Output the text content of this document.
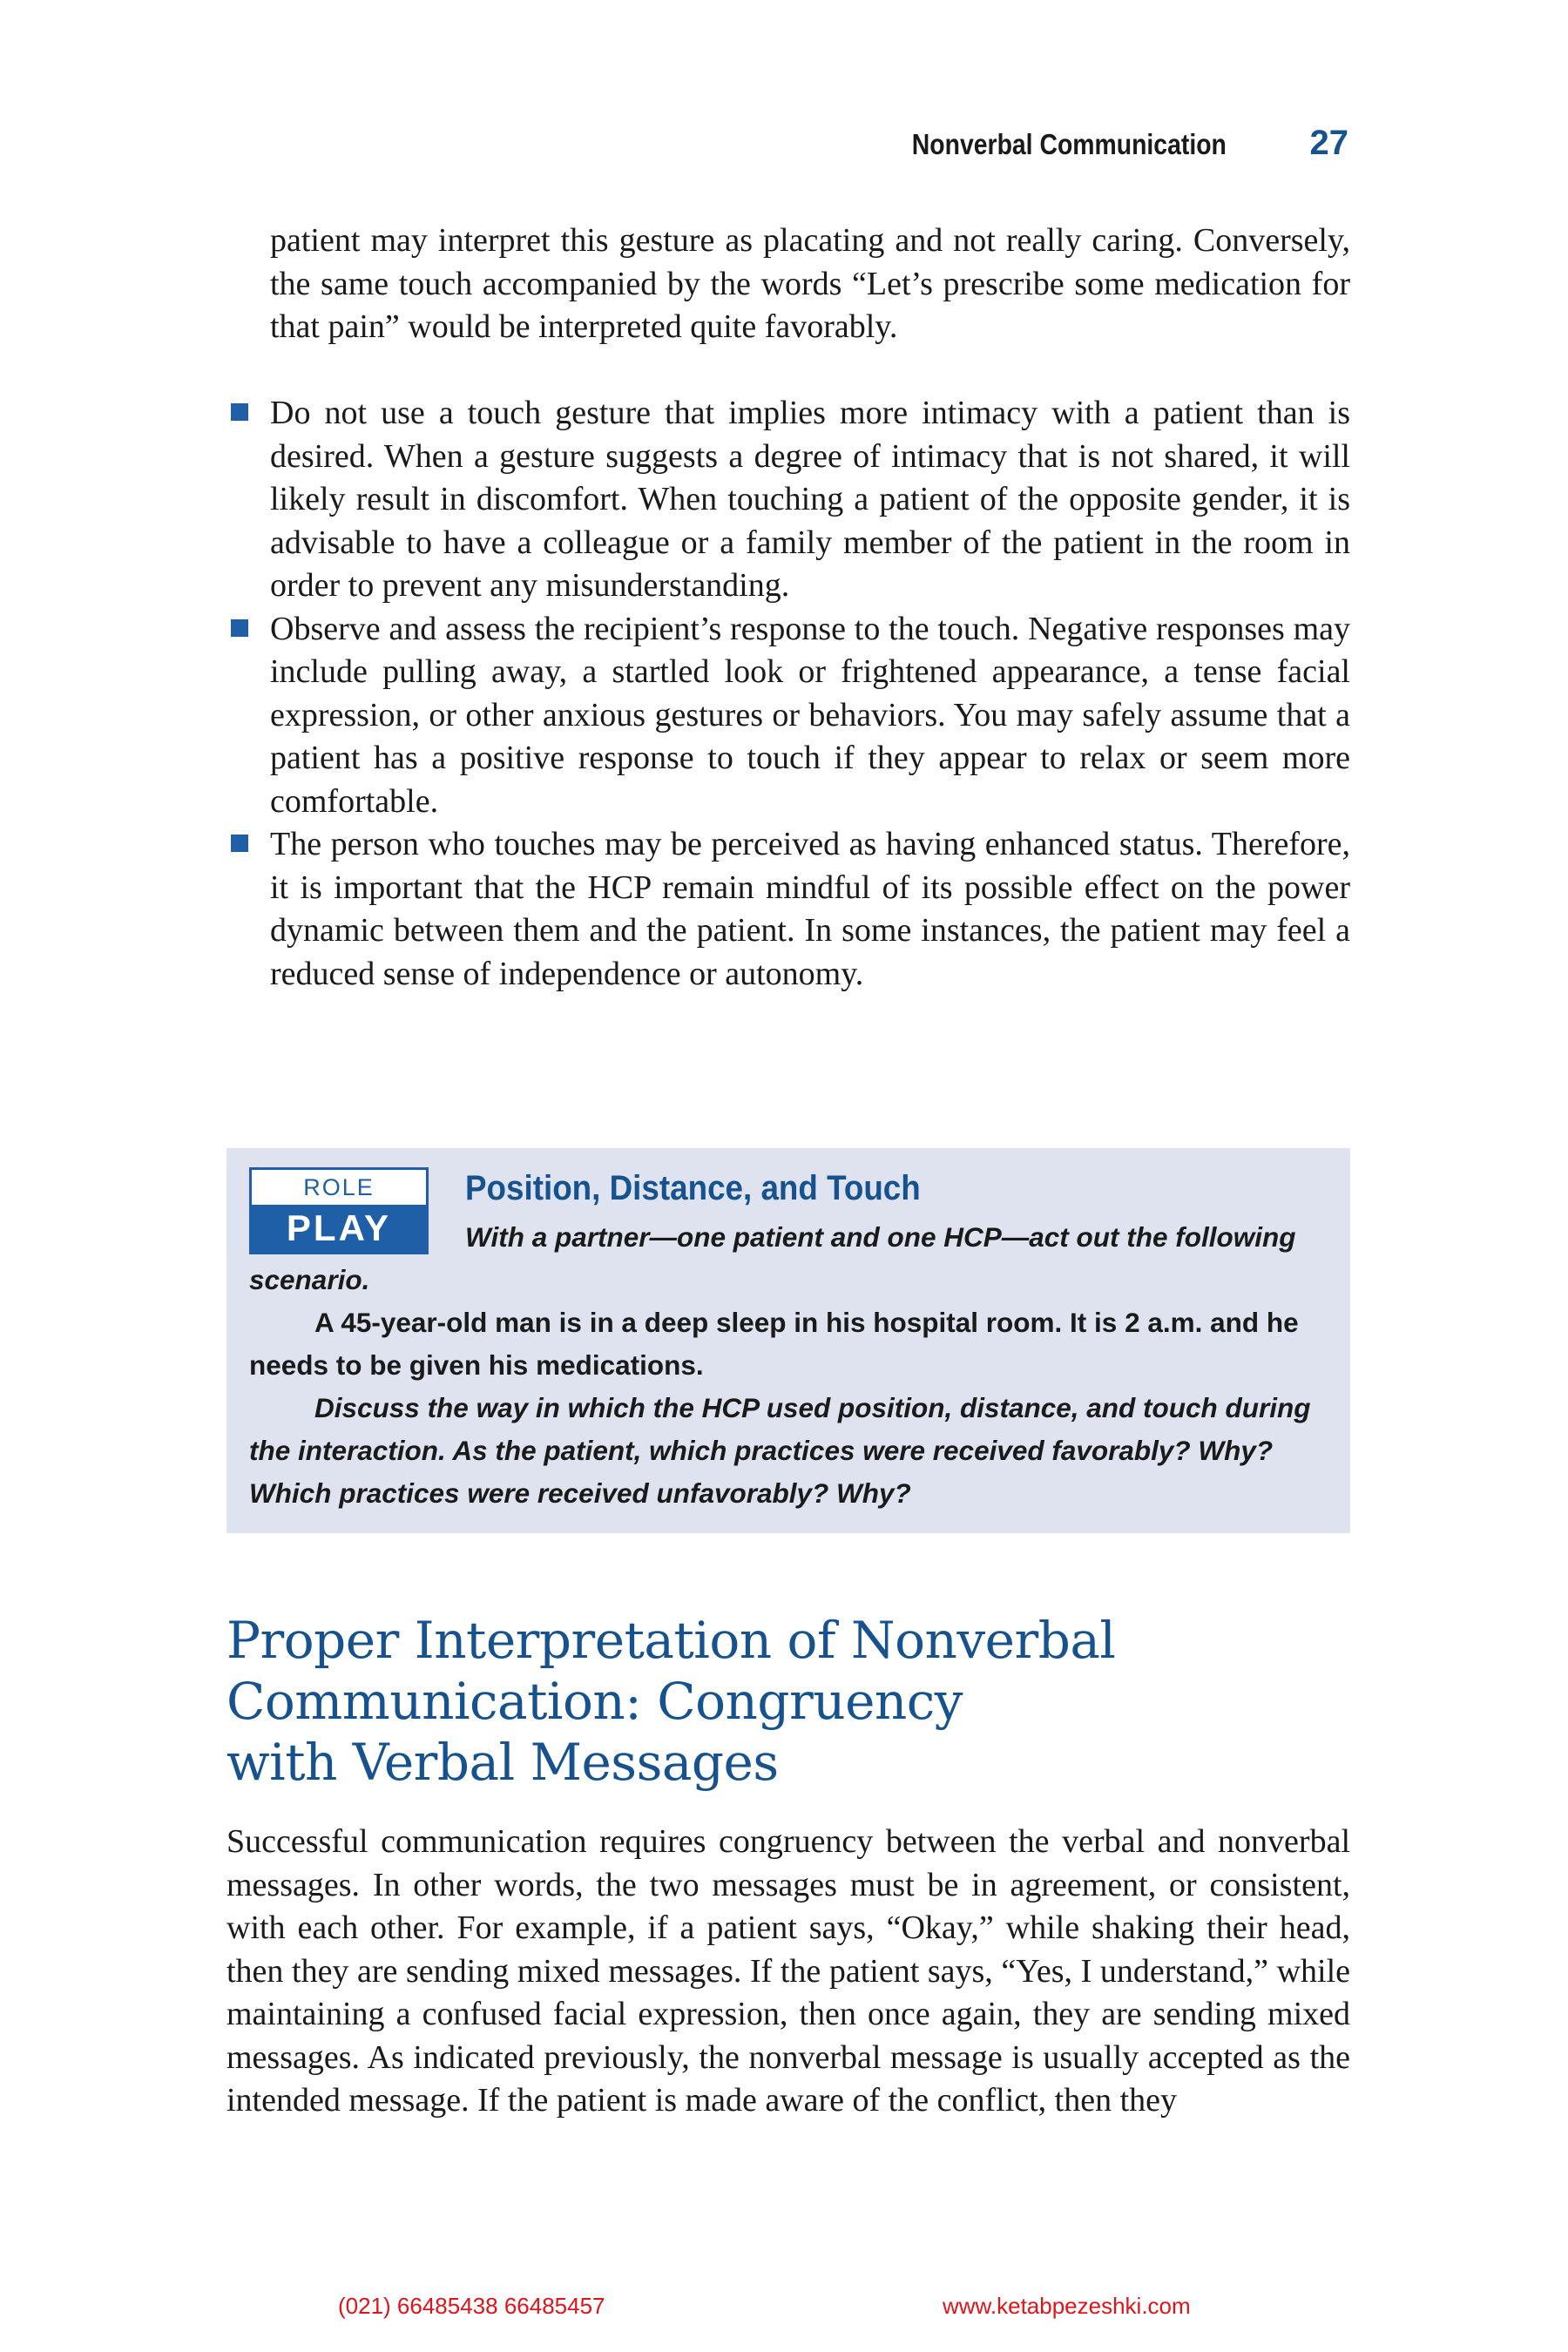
Nonverbal Communication 27

patient may interpret this gesture as placating and not really caring. Conversely, the same touch accompanied by the words “Let’s prescribe some medication for that pain” would be interpreted quite favorably.

Do not use a touch gesture that implies more intimacy with a patient than is desired. When a gesture suggests a degree of intimacy that is not shared, it will likely result in discomfort. When touching a patient of the opposite gender, it is advisable to have a colleague or a family member of the patient in the room in order to prevent any misunderstanding.
Observe and assess the recipient’s response to the touch. Negative responses may include pulling away, a startled look or frightened appearance, a tense facial expression, or other anxious gestures or behaviors. You may safely assume that a patient has a positive response to touch if they appear to relax or seem more comfortable.
The person who touches may be perceived as having enhanced status. Therefore, it is important that the HCP remain mindful of its possible effect on the power dynamic between them and the patient. In some instances, the patient may feel a reduced sense of independence or autonomy.
ROLE
PLAY
Position, Distance, and Touch

With a partner—one patient and one HCP—act out the following scenario.

A 45-year-old man is in a deep sleep in his hospital room. It is 2 a.m. and he needs to be given his medications.

Discuss the way in which the HCP used position, distance, and touch during the interaction. As the patient, which practices were received favorably? Why? Which practices were received unfavorably? Why?

Proper Interpretation of Nonverbal
Communication: Congruency
with Verbal Messages

Successful communication requires congruency between the verbal and nonverbal messages. In other words, the two messages must be in agreement, or consistent, with each other. For example, if a patient says, “Okay,” while shaking their head, then they are sending mixed messages. If the patient says, “Yes, I understand,” while maintaining a confused facial expression, then once again, they are sending mixed messages. As indicated previously, the nonverbal message is usually accepted as the intended message. If the patient is made aware of the conflict, then they

(021) 66485438 66485457	www.ketabpezeshki.com
